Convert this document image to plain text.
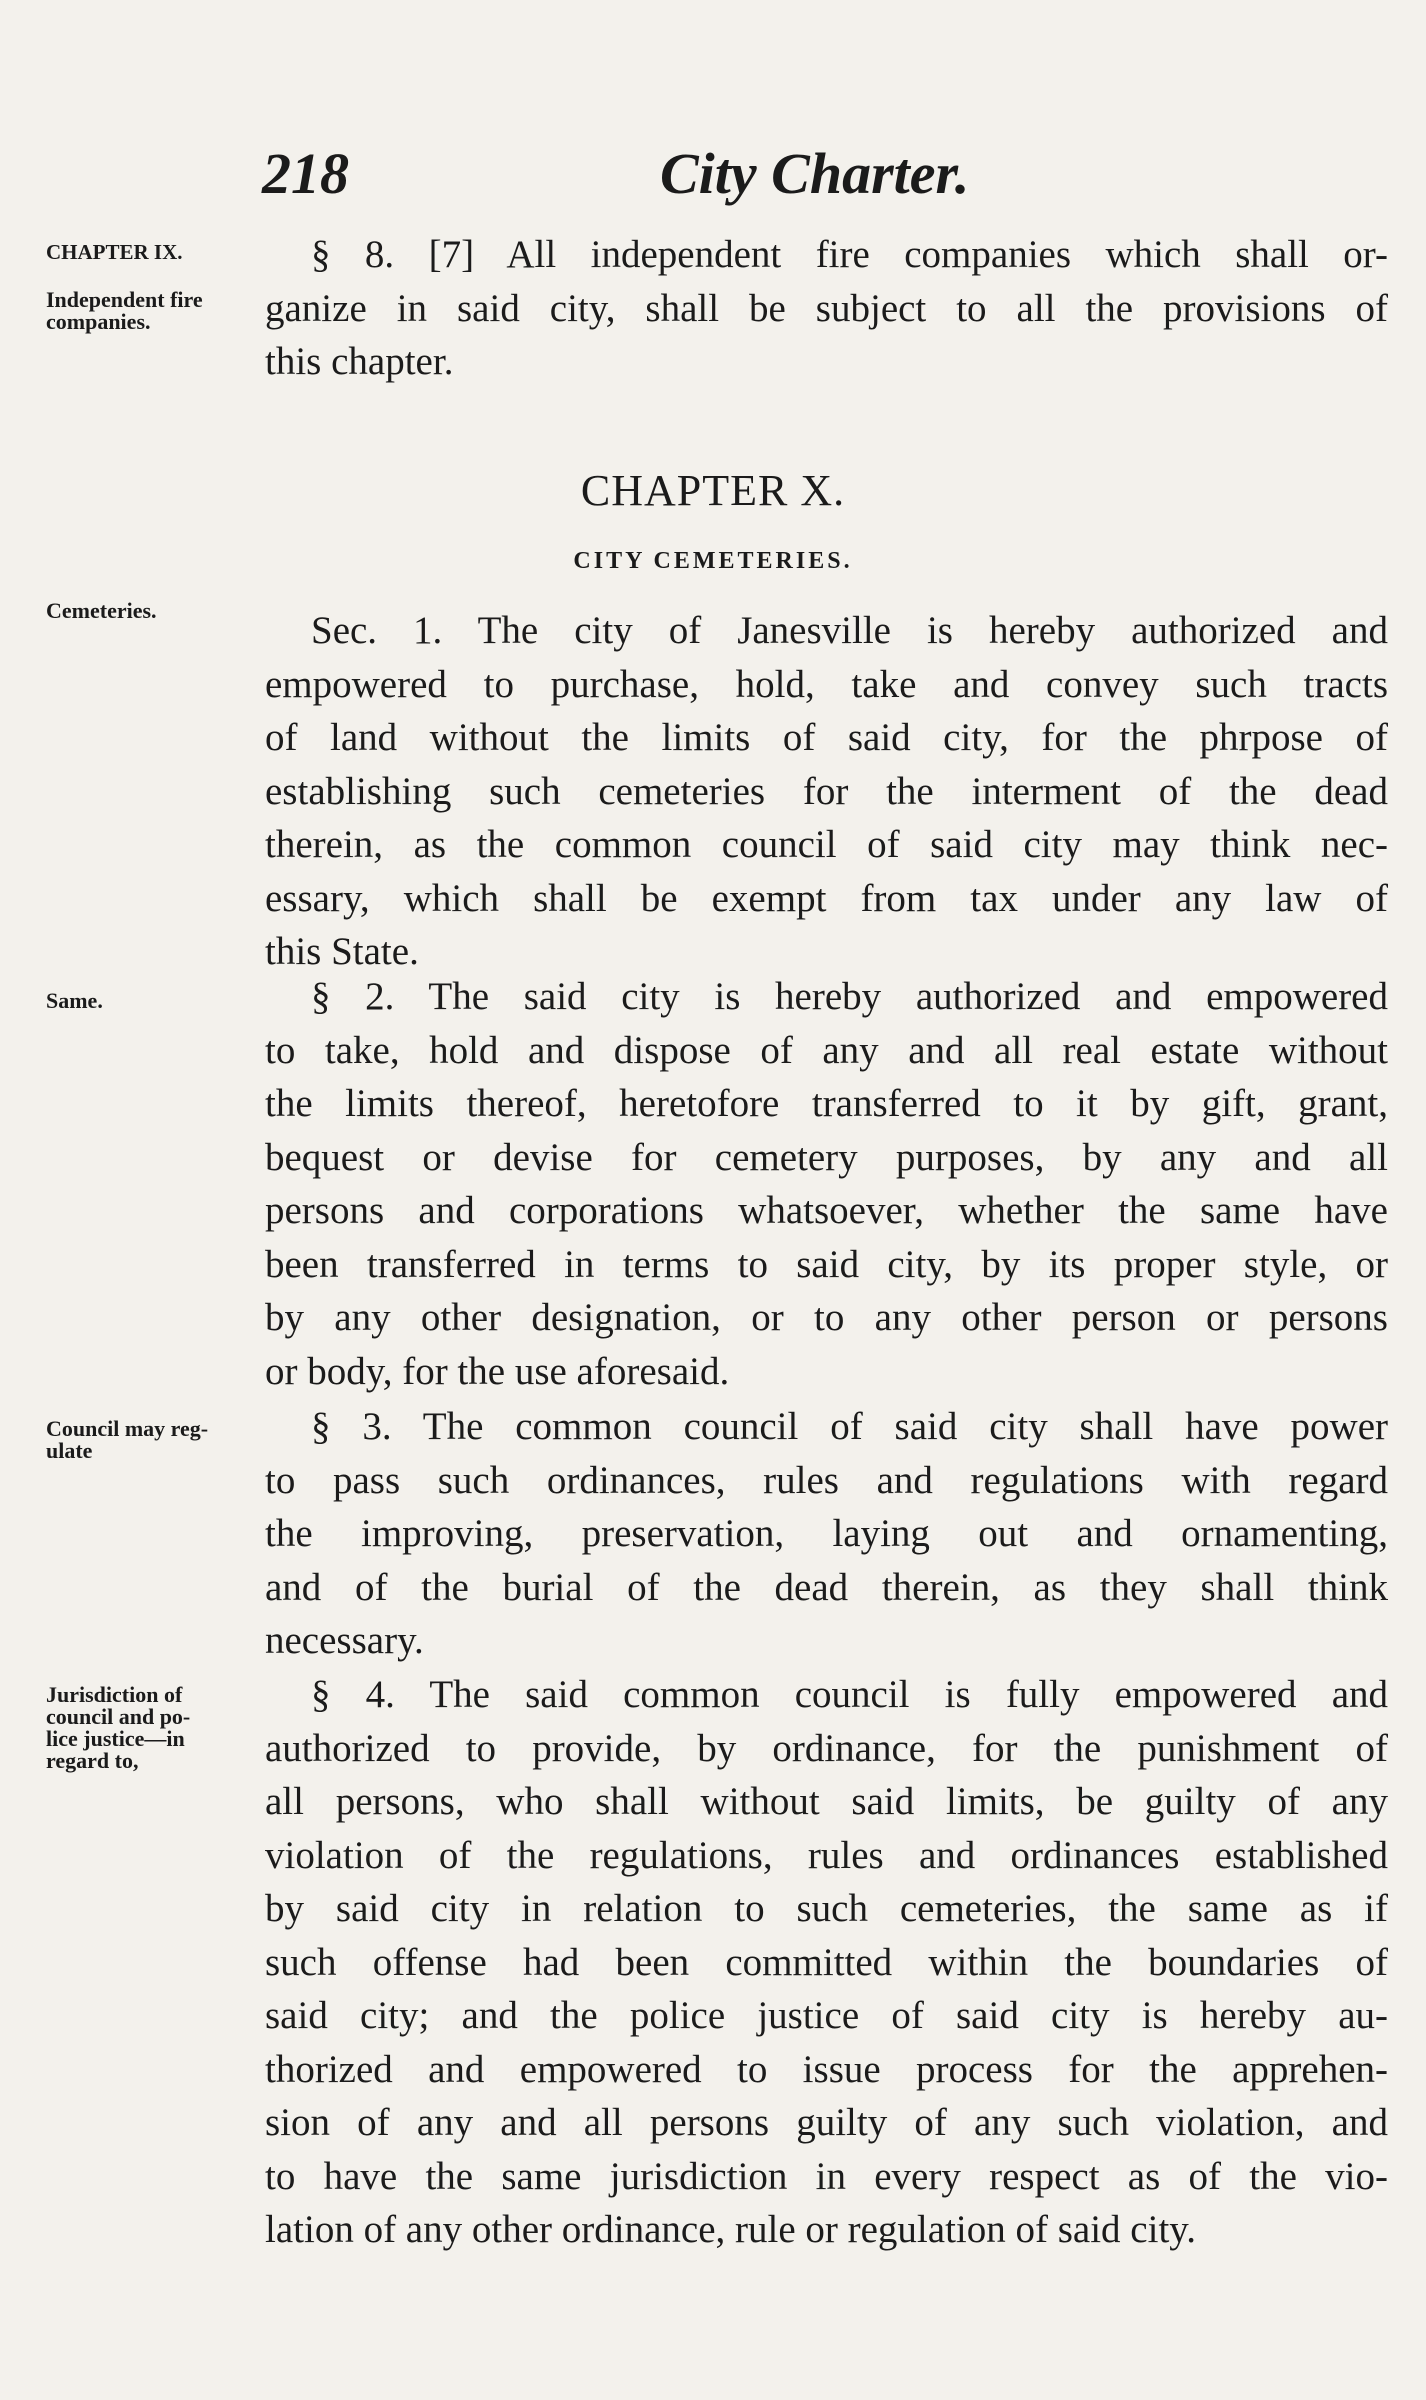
218	City Charter.
CHAPTER IX.
Independent fire
companies.
Cemeteries.
Same.
Council may reg-
ulate
Jurisdiction of
council and po-
lice justice—in
regard to,
§ 8. [7] All independent fire companies which shall or-
ganize in said city, shall be subject to all the provisions of
this chapter.
CHAPTER X.
CITY CEMETERIES.
Sec. 1. The city of Janesville is hereby authorized and
empowered to purchase, hold, take and convey such tracts
of land without the limits of said city, for the phrpose of
establishing such cemeteries for the interment of the dead
therein, as the common council of said city may think nec-
essary, which shall be exempt from tax under any law of
this State.
§ 2. The said city is hereby authorized and empowered
to take, hold and dispose of any and all real estate without
the limits thereof, heretofore transferred to it by gift, grant,
bequest or devise for cemetery purposes, by any and all
persons and corporations whatsoever, whether the same have
been transferred in terms to said city, by its proper style, or
by any other designation, or to any other person or persons
or body, for the use aforesaid.
§ 3. The common council of said city shall have power
to pass such ordinances, rules and regulations with regard
the improving, preservation, laying out and ornamenting,
and of the burial of the dead therein, as they shall think
necessary.
§ 4. The said common council is fully empowered and
authorized to provide, by ordinance, for the punishment of
all persons, who shall without said limits, be guilty of any
violation of the regulations, rules and ordinances established
by said city in relation to such cemeteries, the same as if
such offense had been committed within the boundaries of
said city; and the police justice of said city is hereby au-
thorized and empowered to issue process for the apprehen-
sion of any and all persons guilty of any such violation, and
to have the same jurisdiction in every respect as of the vio-
lation of any other ordinance, rule or regulation of said city.
